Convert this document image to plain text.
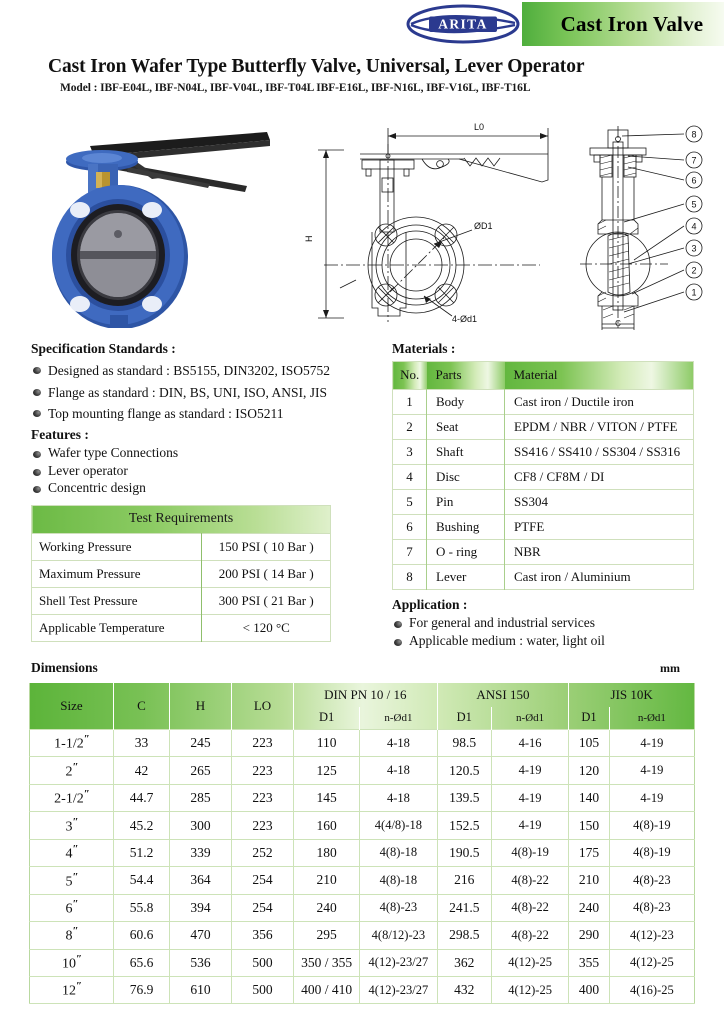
ARITA	Cast Iron Valve
Cast Iron Wafer Type Butterfly Valve, Universal, Lever Operator
Model : IBF-E04L, IBF-N04L, IBF-V04L, IBF-T04L IBF-E16L, IBF-N16L, IBF-V16L, IBF-T16L
L0
H
ØD1
4-Ød1
8
7
6
5
4
3
2
1
C
Specification Standards :
Designed as standard : BS5155, DIN3202, ISO5752
Flange as standard : DIN, BS, UNI, ISO, ANSI, JIS
Top mounting flange as standard : ISO5211
Features :
Wafer type Connections
Lever operator
Concentric design
Test Requirements	
Working Pressure	150 PSI ( 10 Bar )
Maximum Pressure	200 PSI ( 14 Bar )
Shell Test Pressure	300 PSI ( 21 Bar )
Applicable Temperature	< 120 °C
Materials :
No.	Parts	Material
1	Body	Cast iron / Ductile iron
2	Seat	EPDM / NBR / VITON / PTFE
3	Shaft	SS416 / SS410 / SS304 / SS316
4	Disc	CF8 / CF8M / DI
5	Pin	SS304
6	Bushing	PTFE
7	O - ring	NBR
8	Lever	Cast iron / Aluminium
Application :
For general and industrial services
Applicable medium : water, light oil
Dimensions	mm
Size	C	H	LO	DIN PN 10 / 16		ANSI 150		JIS 10K	
				D1	n-Ød1	D1	n-Ød1	D1	n-Ød1
1-1/2″	33	245	223	110	4-18	98.5	4-16	105	4-19
2″	42	265	223	125	4-18	120.5	4-19	120	4-19
2-1/2″	44.7	285	223	145	4-18	139.5	4-19	140	4-19
3″	45.2	300	223	160	4(4/8)-18	152.5	4-19	150	4(8)-19
4″	51.2	339	252	180	4(8)-18	190.5	4(8)-19	175	4(8)-19
5″	54.4	364	254	210	4(8)-18	216	4(8)-22	210	4(8)-23
6″	55.8	394	254	240	4(8)-23	241.5	4(8)-22	240	4(8)-23
8″	60.6	470	356	295	4(8/12)-23	298.5	4(8)-22	290	4(12)-23
10″	65.6	536	500	350 / 355	4(12)-23/27	362	4(12)-25	355	4(12)-25
12″	76.9	610	500	400 / 410	4(12)-23/27	432	4(12)-25	400	4(16)-25
